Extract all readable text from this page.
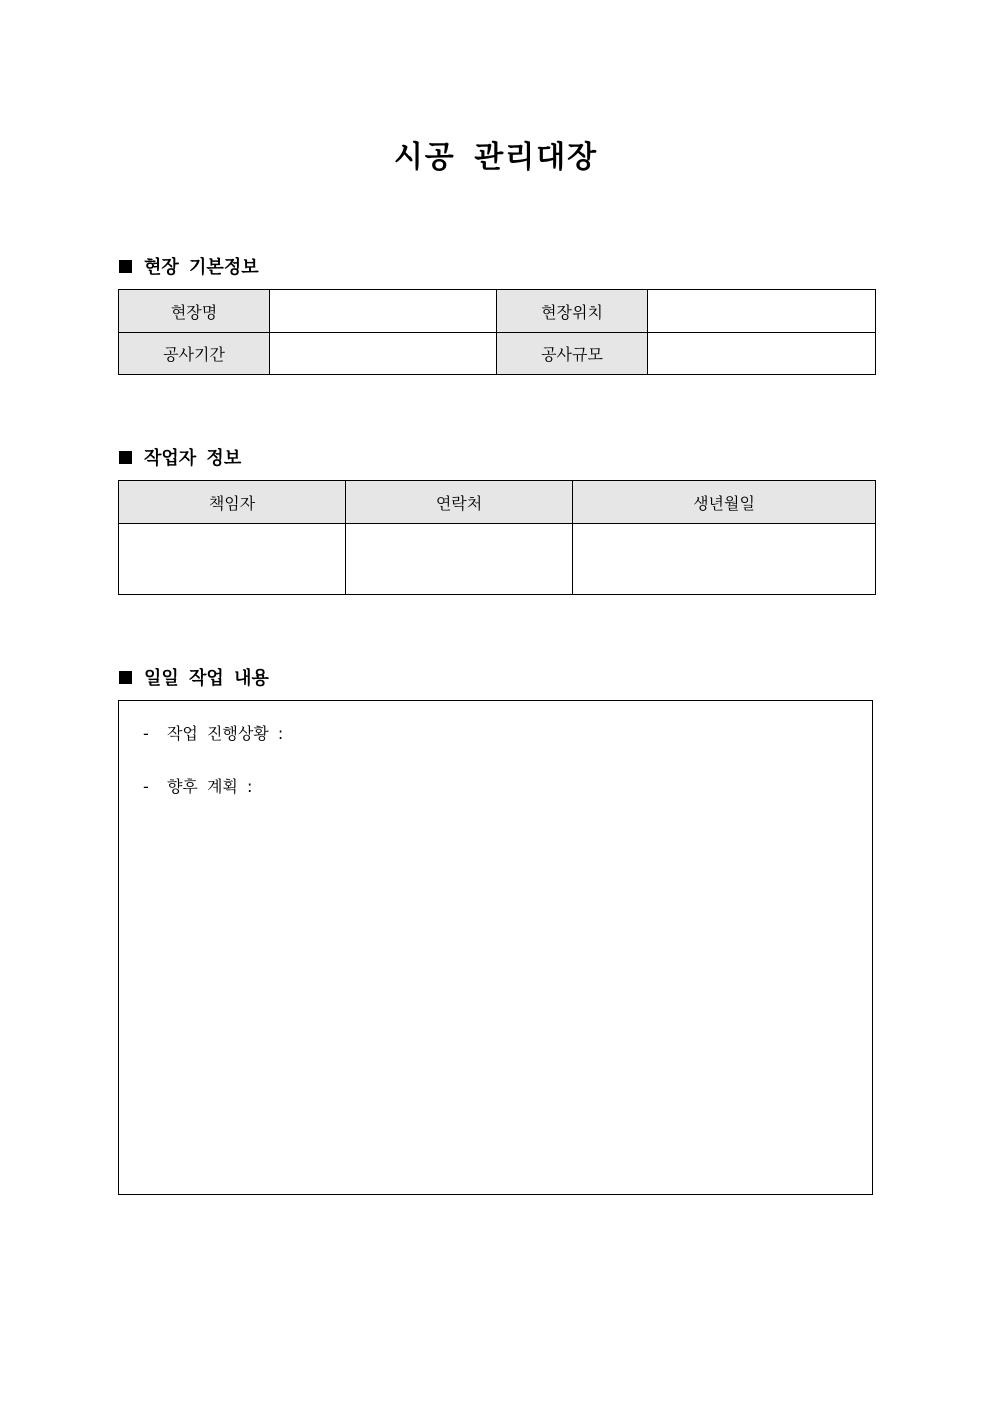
시공 관리대장
현장 기본정보
현장명		현장위치	
공사기간		공사규모	
작업자 정보
책임자	연락처	생년월일

일일 작업 내용
-  작업 진행상황 :
-  향후 계획 :
